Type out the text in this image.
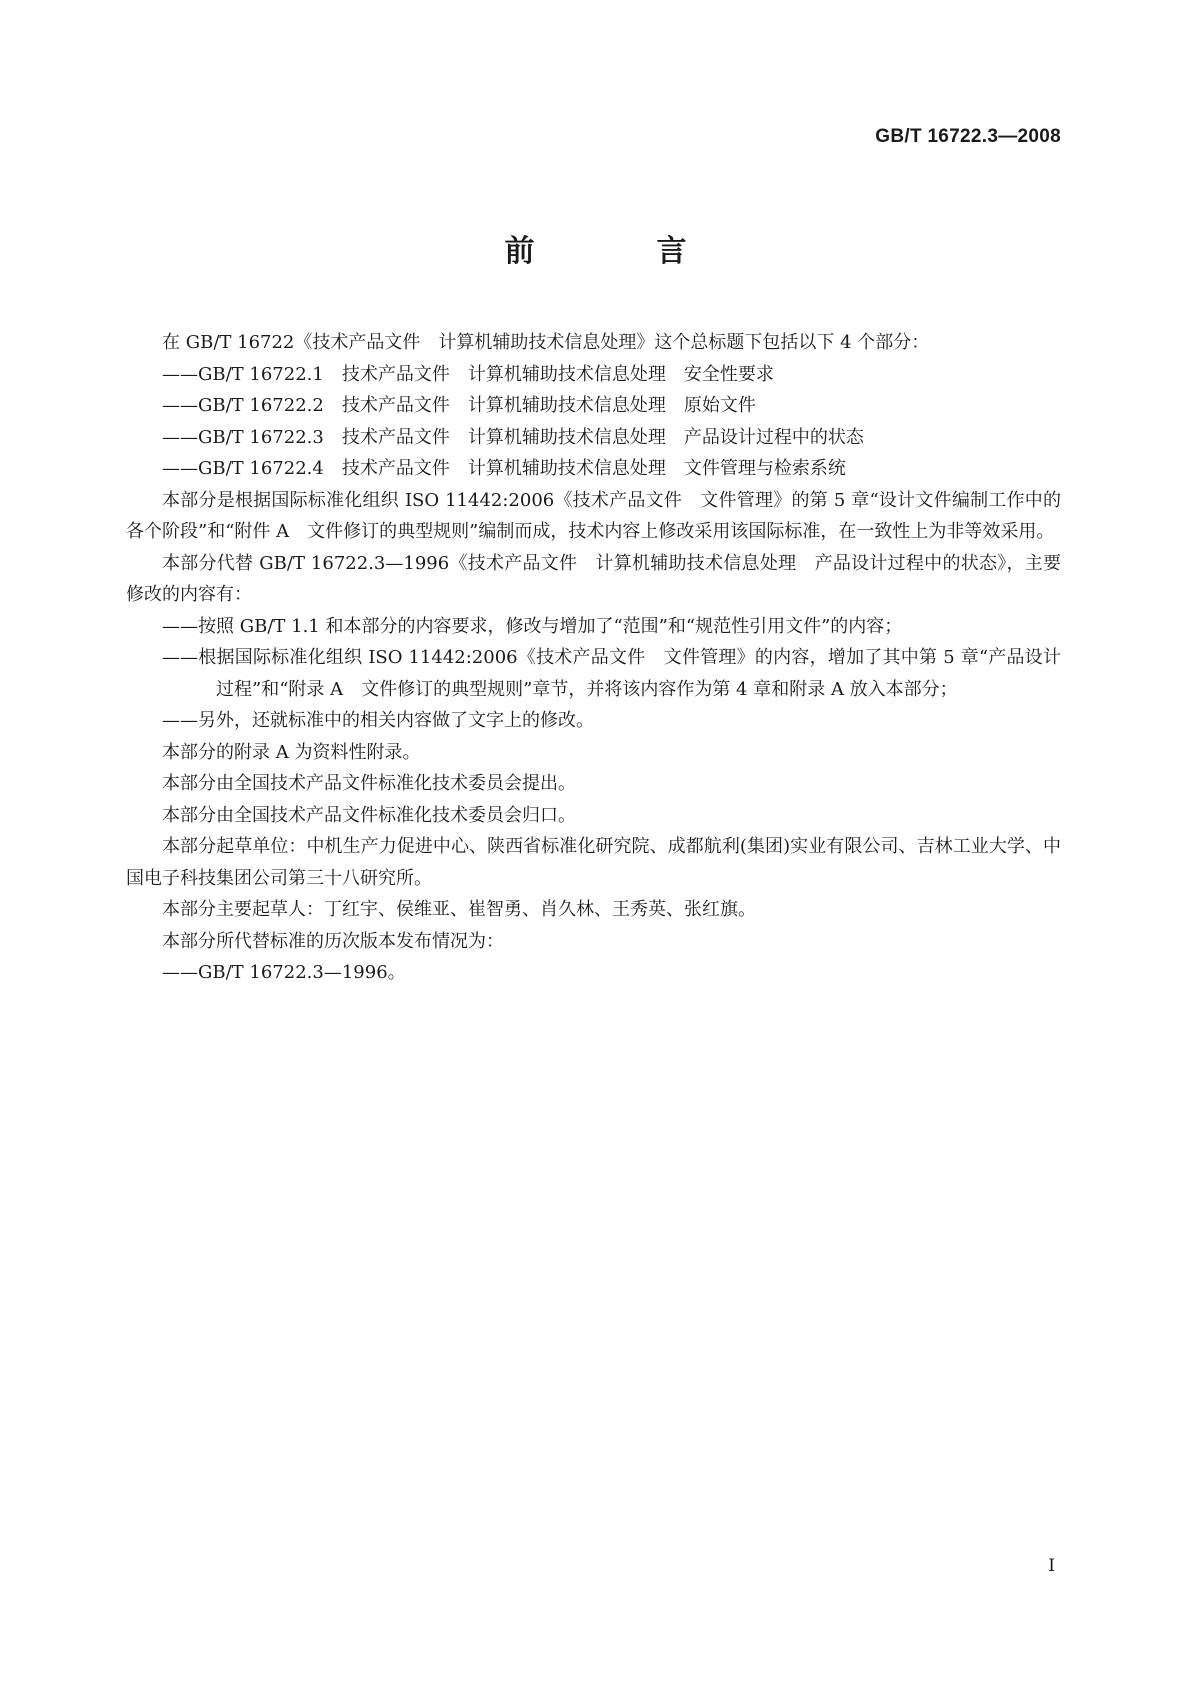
GB/T 16722.3—2008
前　言

在 GB/T 16722《技术产品文件　计算机辅助技术信息处理》这个总标题下包括以下 4 个部分：

——GB/T 16722.1　技术产品文件　计算机辅助技术信息处理　安全性要求

——GB/T 16722.2　技术产品文件　计算机辅助技术信息处理　原始文件

——GB/T 16722.3　技术产品文件　计算机辅助技术信息处理　产品设计过程中的状态

——GB/T 16722.4　技术产品文件　计算机辅助技术信息处理　文件管理与检索系统

本部分是根据国际标准化组织 ISO 11442:2006《技术产品文件　文件管理》的第 5 章“设计文件编制工作中的各个阶段”和“附件 A　文件修订的典型规则”编制而成，技术内容上修改采用该国际标准，在一致性上为非等效采用。

本部分代替 GB/T 16722.3—1996《技术产品文件　计算机辅助技术信息处理　产品设计过程中的状态》，主要修改的内容有：

——按照 GB/T 1.1 和本部分的内容要求，修改与增加了“范围”和“规范性引用文件”的内容；

——根据国际标准化组织 ISO 11442:2006《技术产品文件　文件管理》的内容，增加了其中第 5 章“产品设计过程”和“附录 A　文件修订的典型规则”章节，并将该内容作为第 4 章和附录 A 放入本部分；

——另外，还就标准中的相关内容做了文字上的修改。

本部分的附录 A 为资料性附录。

本部分由全国技术产品文件标准化技术委员会提出。

本部分由全国技术产品文件标准化技术委员会归口。

本部分起草单位：中机生产力促进中心、陕西省标准化研究院、成都航利(集团)实业有限公司、吉林工业大学、中国电子科技集团公司第三十八研究所。

本部分主要起草人：丁红宇、侯维亚、崔智勇、肖久林、王秀英、张红旗。

本部分所代替标准的历次版本发布情况为：

——GB/T 16722.3—1996。

I
